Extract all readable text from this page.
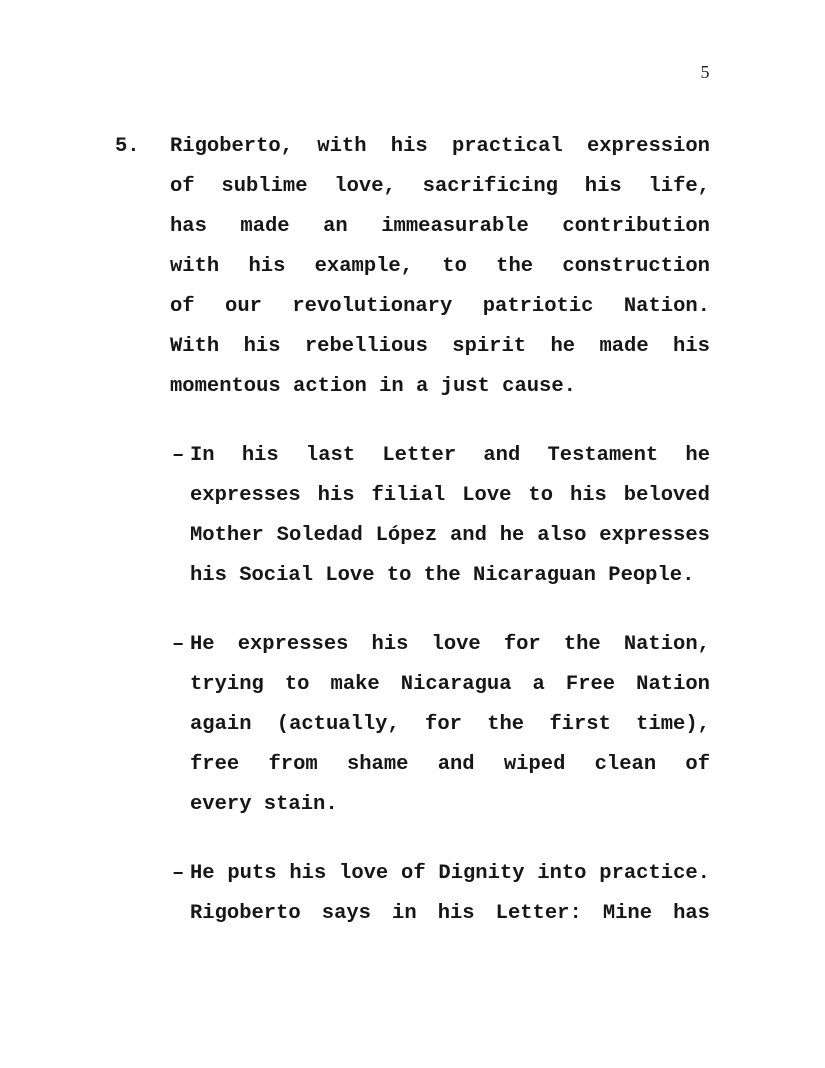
5
5.	Rigoberto, with his practical expression
of sublime love, sacrificing his life,
has made an immeasurable contribution
with his example, to the construction
of our revolutionary patriotic Nation.
With his rebellious spirit he made his
momentous action in a just cause.
– In his last Letter and Testament he
expresses his filial Love to his beloved
Mother Soledad López and he also expresses
his Social Love to the Nicaraguan People.
– He expresses his love for the Nation,
trying to make Nicaragua a Free Nation
again (actually, for the first time),
free from shame and wiped clean of
every stain.
– He puts his love of Dignity into practice.
Rigoberto says in his Letter: Mine has
